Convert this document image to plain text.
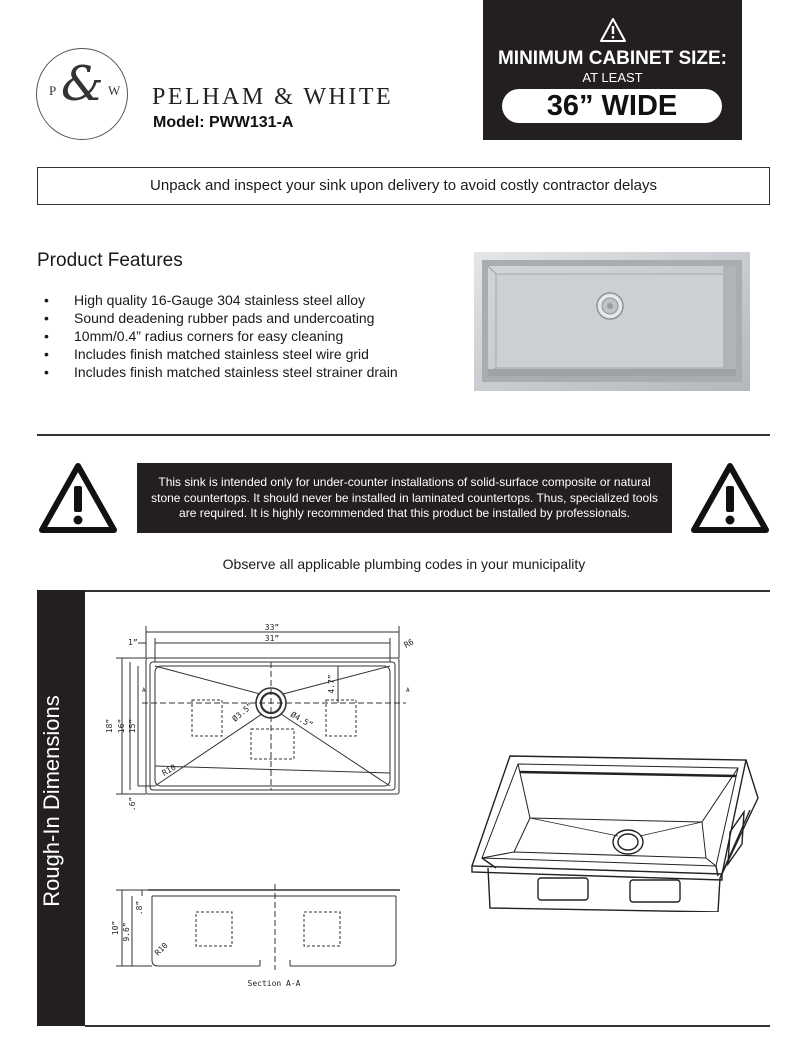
P & W PELHAM & WHITE
Model: PWW131-A
MINIMUM CABINET SIZE:
AT LEAST
36” WIDE
Unpack and inspect your sink upon delivery to avoid costly contractor delays
Product Features
• High quality 16-Gauge 304 stainless steel alloy
• Sound deadening rubber pads and undercoating
• 10mm/0.4” radius corners for easy cleaning
• Includes finish matched stainless steel wire grid
• Includes finish matched stainless steel strainer drain

This sink is intended only for under-counter installations of solid-surface composite or natural stone countertops. It should never be installed in laminated countertops. Thus, specialized tools are required. It is highly recommended that this product be installed by professionals.

Observe all applicable plumbing codes in your municipality
Rough-In Dimensions
33”
31”
1”	R6
18” 16” 15”
.6”
4.7”
Ø3.5”	Ø4.5”
R10
A	A
10” 9.6”
.8”
R10
Section A-A
